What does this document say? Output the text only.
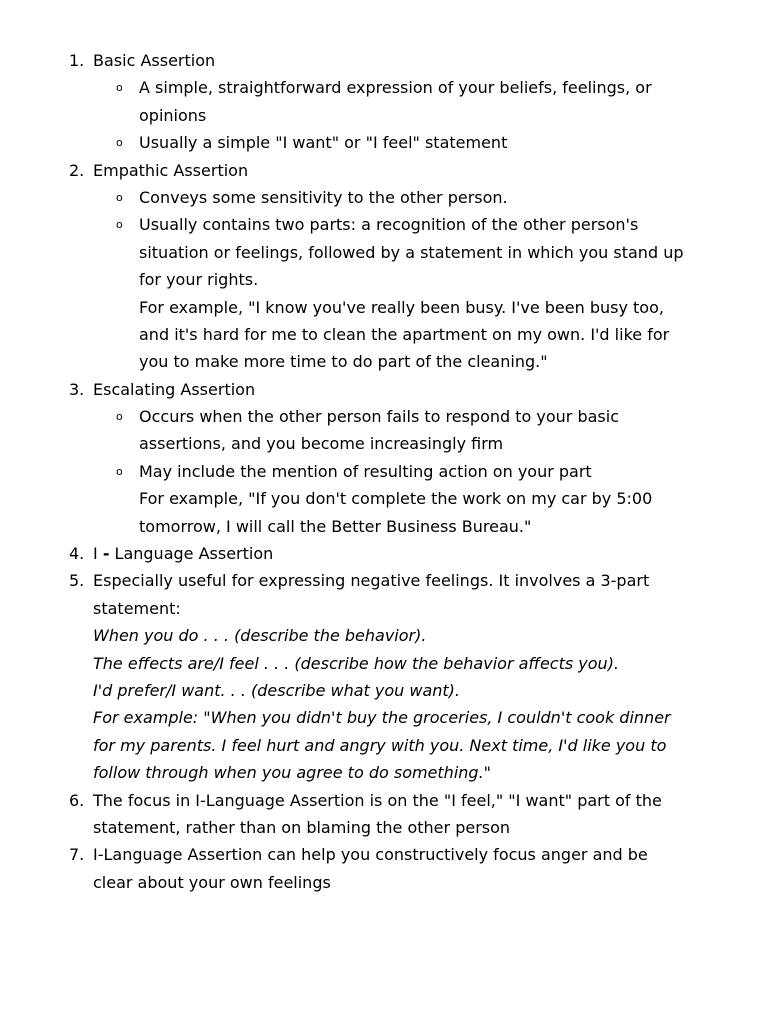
1. Basic Assertion
o A simple, straightforward expression of your beliefs, feelings, or
opinions
o Usually a simple "I want" or "I feel" statement
2. Empathic Assertion
o Conveys some sensitivity to the other person.
o Usually contains two parts: a recognition of the other person's
situation or feelings, followed by a statement in which you stand up
for your rights.
For example, "I know you've really been busy. I've been busy too,
and it's hard for me to clean the apartment on my own. I'd like for
you to make more time to do part of the cleaning."
3. Escalating Assertion
o Occurs when the other person fails to respond to your basic
assertions, and you become increasingly firm
o May include the mention of resulting action on your part
For example, "If you don't complete the work on my car by 5:00
tomorrow, I will call the Better Business Bureau."
4. I - Language Assertion
5. Especially useful for expressing negative feelings. It involves a 3-part
statement:
When you do . . . (describe the behavior).
The effects are/I feel . . . (describe how the behavior affects you).
I'd prefer/I want. . . (describe what you want).
For example: "When you didn't buy the groceries, I couldn't cook dinner
for my parents. I feel hurt and angry with you. Next time, I'd like you to
follow through when you agree to do something."
6. The focus in I-Language Assertion is on the "I feel," "I want" part of the
statement, rather than on blaming the other person
7. I-Language Assertion can help you constructively focus anger and be
clear about your own feelings
